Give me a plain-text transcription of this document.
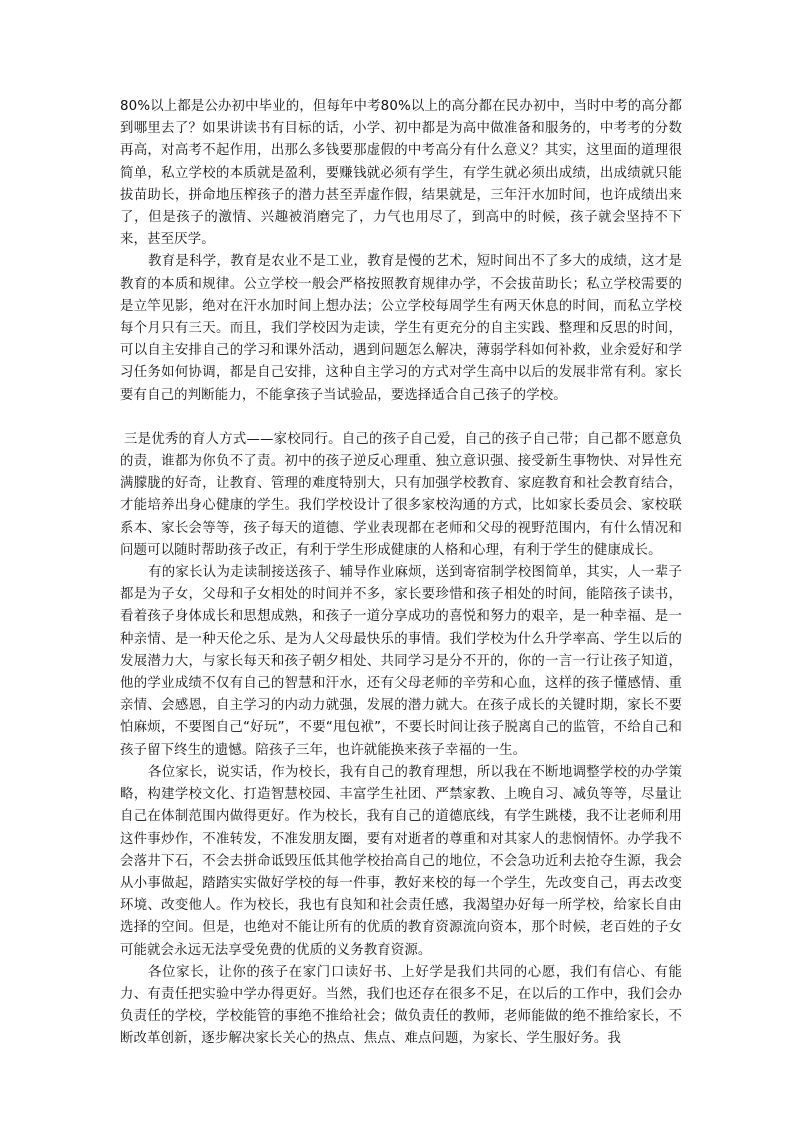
80%以上都是公办初中毕业的，但每年中考80%以上的高分都在民办初中，当时中考的高分都到哪里去了？如果讲读书有目标的话，小学、初中都是为高中做准备和服务的，中考考的分数再高，对高考不起作用，出那么多钱要那虚假的中考高分有什么意义？其实，这里面的道理很简单，私立学校的本质就是盈利，要赚钱就必须有学生，有学生就必须出成绩，出成绩就只能拔苗助长，拼命地压榨孩子的潜力甚至弄虚作假，结果就是，三年汗水加时间，也许成绩出来了，但是孩子的激情、兴趣被消磨完了，力气也用尽了，到高中的时候，孩子就会坚持不下来，甚至厌学。

教育是科学，教育是农业不是工业，教育是慢的艺术，短时间出不了多大的成绩，这才是教育的本质和规律。公立学校一般会严格按照教育规律办学，不会拔苗助长；私立学校需要的是立竿见影，绝对在汗水加时间上想办法；公立学校每周学生有两天休息的时间，而私立学校每个月只有三天。而且，我们学校因为走读，学生有更充分的自主实践、整理和反思的时间，可以自主安排自己的学习和课外活动，遇到问题怎么解决，薄弱学科如何补救，业余爱好和学习任务如何协调，都是自己安排，这种自主学习的方式对学生高中以后的发展非常有利。家长要有自己的判断能力，不能拿孩子当试验品，要选择适合自己孩子的学校。

三是优秀的育人方式——家校同行。自己的孩子自己爱，自己的孩子自己带；自己都不愿意负的责，谁都为你负不了责。初中的孩子逆反心理重、独立意识强、接受新生事物快、对异性充满朦胧的好奇，让教育、管理的难度特别大，只有加强学校教育、家庭教育和社会教育结合，才能培养出身心健康的学生。我们学校设计了很多家校沟通的方式，比如家长委员会、家校联系本、家长会等等，孩子每天的道德、学业表现都在老师和父母的视野范围内，有什么情况和问题可以随时帮助孩子改正，有利于学生形成健康的人格和心理，有利于学生的健康成长。

有的家长认为走读制接送孩子、辅导作业麻烦，送到寄宿制学校图简单，其实，人一辈子都是为子女，父母和子女相处的时间并不多，家长要珍惜和孩子相处的时间，能陪孩子读书，看着孩子身体成长和思想成熟，和孩子一道分享成功的喜悦和努力的艰辛，是一种幸福、是一种亲情、是一种天伦之乐、是为人父母最快乐的事情。我们学校为什么升学率高、学生以后的发展潜力大，与家长每天和孩子朝夕相处、共同学习是分不开的，你的一言一行让孩子知道，他的学业成绩不仅有自己的智慧和汗水，还有父母老师的辛劳和心血，这样的孩子懂感情、重亲情、会感恩，自主学习的内动力就强，发展的潜力就大。在孩子成长的关键时期，家长不要怕麻烦，不要图自己“好玩”，不要“甩包袱”，不要长时间让孩子脱离自己的监管，不给自己和孩子留下终生的遗憾。陪孩子三年，也许就能换来孩子幸福的一生。

各位家长，说实话，作为校长，我有自己的教育理想，所以我在不断地调整学校的办学策略，构建学校文化、打造智慧校园、丰富学生社团、严禁家教、上晚自习、减负等等，尽量让自己在体制范围内做得更好。作为校长，我有自己的道德底线，有学生跳楼，我不让老师利用这件事炒作，不准转发，不准发朋友圈，要有对逝者的尊重和对其家人的悲悯情怀。办学我不会落井下石，不会去拼命诋毁压低其他学校抬高自己的地位，不会急功近利去抢夺生源，我会从小事做起，踏踏实实做好学校的每一件事，教好来校的每一个学生，先改变自己，再去改变环境、改变他人。作为校长，我也有良知和社会责任感，我渴望办好每一所学校，给家长自由选择的空间。但是，也绝对不能让所有的优质的教育资源流向资本，那个时候，老百姓的子女可能就会永远无法享受免费的优质的义务教育资源。

各位家长，让你的孩子在家门口读好书、上好学是我们共同的心愿，我们有信心、有能力、有责任把实验中学办得更好。当然，我们也还存在很多不足，在以后的工作中，我们会办负责任的学校，学校能管的事绝不推给社会；做负责任的教师，老师能做的绝不推给家长，不断改革创新，逐步解决家长关心的热点、焦点、难点问题，为家长、学生服好务。我
